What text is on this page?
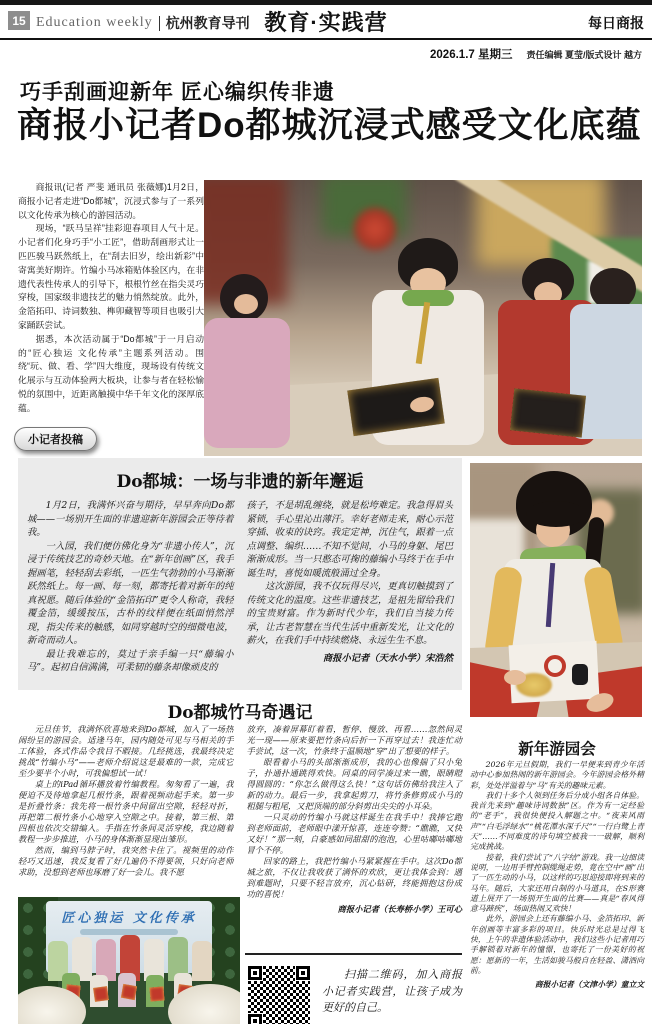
15 Education weekly 杭州教育导刊 教育·实践营	每日商报
2026.1.7 星期三 责任编辑 夏莹/版式设计 越方
巧手刮画迎新年 匠心编织传非遗
商报小记者Do都城沉浸式感受文化底蕴

商报讯(记者 严斐 通讯员 张薇娜)1月2日，商报小记者走进“Do都城”，沉浸式参与了一系列以文化传承为核心的游园活动。

现场，“跃马呈祥”挂彩迎春项目人气十足。小记者们化身巧手“小工匠”，借助刮画形式让一匹匹骏马跃然纸上，在“刮去旧岁，绘出新彩”中寄寓美好期许。竹编小马冰箱贴体验区内，在非遗代表性传承人的引导下，根根竹丝在指尖灵巧穿梭，国家级非遗技艺的魅力悄然绽放。此外，金箔拓印、诗词数独、榫卯藏智等项目也吸引大家踊跃尝试。

据悉，本次活动属于“Do都城”于一月启动的“匠心独运 文化传承”主题系列活动。围绕“玩、做、看、学”四大维度，现场设有传统文化展示与互动体验两大板块，让参与者在轻松愉悦的氛围中，近距离触摸中华千年文化的深厚底蕴。

小记者投稿
Do都城：一场与非遗的新年邂逅

1月2日，我满怀兴奋与期待，早早奔向Do都城——一场别开生面的非遗迎新年游园会正等待着我。

一入园，我们便仿佛化身为“非遗小传人”，沉浸于传统技艺的奇妙天地。在“新年创画”区，我手握画笔，轻轻刮去彩纸，一匹生气勃勃的小马渐渐跃然纸上。每一画、每一刻，都寄托着对新年的纯真祝愿。随后体验的“金箔拓印”更令人称奇，我轻覆金箔，缓缓按压，古朴的纹样便在纸面悄然浮现，指尖传来的触感，如同穿越时空的细微电波，新奇而动人。

最让我难忘的，莫过于亲手编一只“藤编小马”。起初自信满满，可柔韧的藤条却像顽皮的

孩子，不是胡乱缠绕，就是松垮难定。我急得眉头紧锁，手心里沁出薄汗。幸好老师走来，耐心示范穿插、收束的诀窍。我定定神，沉住气，跟着一点点调整、编织……不知不觉间，小马的身躯、尾巴渐渐成形。当一只憨态可掬的藤编小马终于在手中诞生时，喜悦如暖流般涌过全身。

这次游园，我不仅玩得尽兴，更真切触摸到了传统文化的温度。这些非遗技艺，是祖先留给我们的宝贵财富。作为新时代少年，我们自当接力传承，让古老智慧在当代生活中重新发光，让文化的薪火，在我们手中持续燃烧、永远生生不息。

商报小记者（天水小学）宋浩然
Do都城竹马奇遇记

元旦佳节，我满怀欣喜地来到Do都城，加入了一场热闹纷呈的游园会。适逢马年，园内随处可见与马相关的手工体验，各式作品令我目不暇接。几经挑选，我最终决定挑战“竹编小马”——老师介绍说这是最难的一款，完成它至少要半个小时，可我偏想试一试！

桌上的iPad循环播放着竹编教程。匆匆看了一遍，我便迫不及待地拿起几根竹条，跟着视频动起手来。第一步是折叠竹条：我先将一根竹条中间留出空隙，轻轻对折，再把第二根竹条小心地穿入空隙之中。接着，第三根、第四根也依次交错编入。手指在竹条间灵活穿梭，我边随着教程一步步推进，小马的身体渐渐显现出雏形。

然而，编到马脖子时，我突然卡住了。视频里的动作轻巧又迅速，我反复看了好几遍仍不得要领，只好向老师求助，没想到老师也琢磨了好一会儿。我不愿

放弃，凑着屏幕盯着看，暂停、慢放、再看……忽然间灵光一现——原来要把竹条向后折一下再穿过去！我连忙动手尝试，这一次，竹条终于温顺地“穿”出了想要的样子。

眼看着小马的头部渐渐成形，我的心也像揣了只小兔子，扑通扑通跳得欢快。同桌的同学凑过来一瞧，眼睛瞪得圆圆的：“你怎么做得这么快！”这句话仿佛给我注入了新的动力。最后一步，我拿起剪刀，将竹条修剪成小马的粗腿与粗尾，又把顶端的部分斜剪出尖尖的小耳朵。

一只灵动的竹编小马就这样诞生在我手中！我捧它跑到老师面前，老师眼中漾开惊喜，连连夸赞：“瞧瞧，又快又好！”那一刻，自豪感如同甜甜的泡泡，心里咕嘟咕嘟地冒个不停。

回家的路上，我把竹编小马紧紧握在手中。这次Do都城之旅，不仅让我收获了满怀的欢欣，更让我体会到：遇到难题时，只要不轻言放弃，沉心钻研，终能拥抱这份成功的喜悦！

商报小记者（长寿桥小学）王可心
匠心独运 文化传承
扫描二维码，加入商报小记者实践营，让孩子成为更好的自己。
新年游园会

2026年元旦假期，我们一早便来到青少年活动中心参加热闹的新年游园会。今年游园会格外精彩，处处洋溢着与“马”有关的趣味元素。

我们十多个人领到任务后分成小组各自体验。我首先来到“趣味诗词数独”区。作为有一定经验的“老手”，我很快便投入解题之中。“夜来风雨声”“白毛浮绿水”“桃花潭水深千尺”“一行白鹭上青天”……不同难度的诗句填空被我一一破解，顺利完成挑战。

接着，我们尝试了“八字结”游戏。我一边细读说明，一边用手臂控制缆绳走势，竟在空中“画”出了一匹生动的小马，以这样的巧思迎接即将到来的马年。随后，大家还用自制的小马道具，在S形赛道上展开了一场别开生面的比赛——真是“春风得意马蹄疾”，场面热闹又欢快！

此外，游园会上还有藤编小马、金箔拓印、新年创画等丰富多彩的项目。快乐时光总是过得飞快，上午的非遗体验活动中，我们这些小记者用巧手解锁着对新年的憧憬，也寄托了一份美好的祝愿：愿新的一年，生活如骏马般自在轻盈、潇洒向前。

商报小记者（文津小学）童立文
